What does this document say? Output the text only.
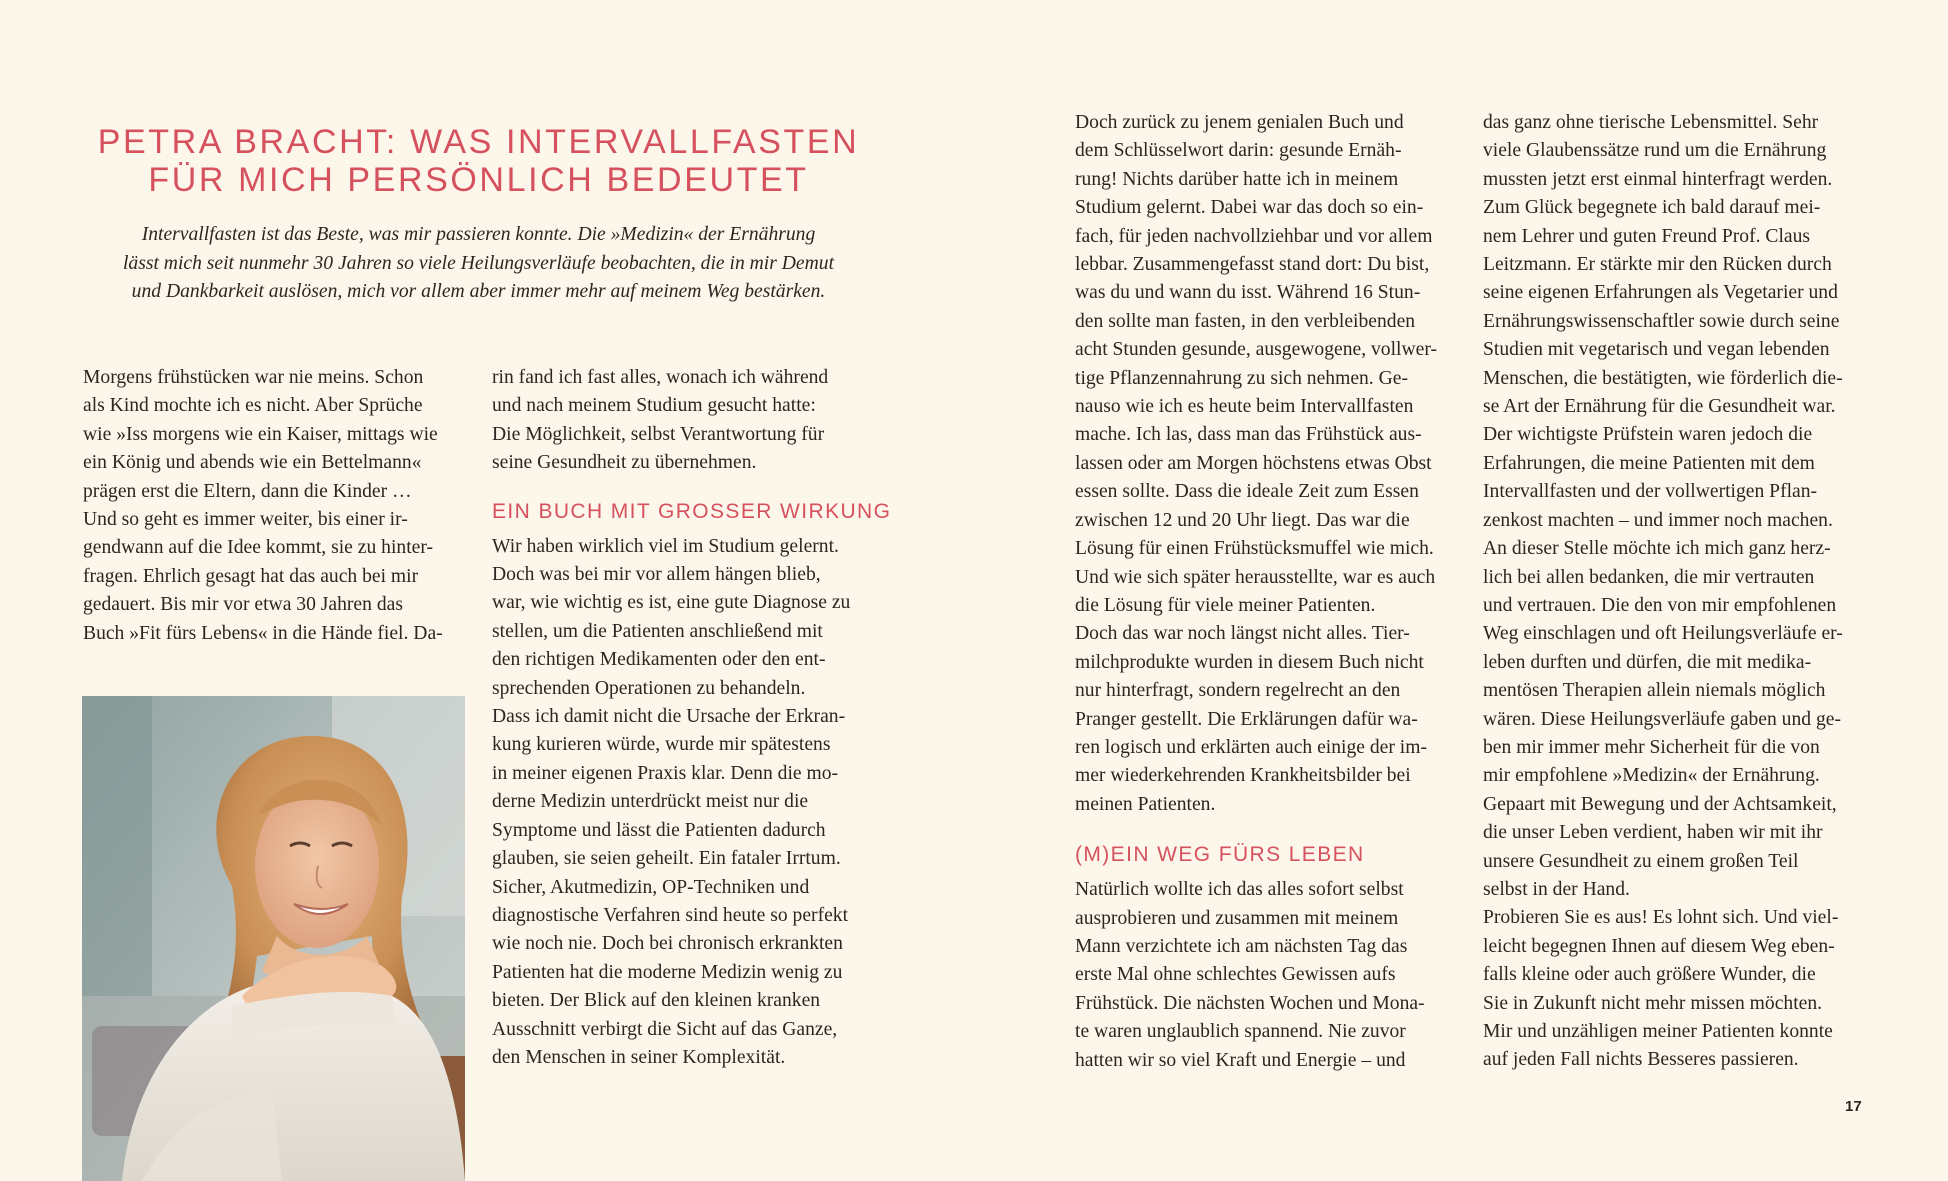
PETRA BRACHT: WAS INTERVALLFASTEN
FÜR MICH PERSÖNLICH BEDEUTET

Intervallfasten ist das Beste, was mir passieren konnte. Die »Medizin« der Ernährung
lässt mich seit nunmehr 30 Jahren so viele Heilungsverläufe beobachten, die in mir Demut
und Dankbarkeit auslösen, mich vor allem aber immer mehr auf meinem Weg bestärken.

Morgens frühstücken war nie meins. Schon
als Kind mochte ich es nicht. Aber Sprüche
wie »Iss morgens wie ein Kaiser, mittags wie
ein König und abends wie ein Bettelmann«
prägen erst die Eltern, dann die Kinder …
Und so geht es immer weiter, bis einer ir-
gendwann auf die Idee kommt, sie zu hinter-
fragen. Ehrlich gesagt hat das auch bei mir
gedauert. Bis mir vor etwa 30 Jahren das
Buch »Fit fürs Lebens« in die Hände fiel. Da-

rin fand ich fast alles, wonach ich während
und nach meinem Studium gesucht hatte:
Die Möglichkeit, selbst Verantwortung für
seine Gesundheit zu übernehmen.

EIN BUCH MIT GROSSER WIRKUNG

Wir haben wirklich viel im Studium gelernt.
Doch was bei mir vor allem hängen blieb,
war, wie wichtig es ist, eine gute Diagnose zu
stellen, um die Patienten anschließend mit
den richtigen Medikamenten oder den ent-
sprechenden Operationen zu behandeln.
Dass ich damit nicht die Ursache der Erkran-
kung kurieren würde, wurde mir spätestens
in meiner eigenen Praxis klar. Denn die mo-
derne Medizin unterdrückt meist nur die
Symptome und lässt die Patienten dadurch
glauben, sie seien geheilt. Ein fataler Irrtum.
Sicher, Akutmedizin, OP-Techniken und
diagnostische Verfahren sind heute so perfekt
wie noch nie. Doch bei chronisch erkrankten
Patienten hat die moderne Medizin wenig zu
bieten. Der Blick auf den kleinen kranken
Ausschnitt verbirgt die Sicht auf das Ganze,
den Menschen in seiner Komplexität.

Doch zurück zu jenem genialen Buch und
dem Schlüsselwort darin: gesunde Ernäh-
rung! Nichts darüber hatte ich in meinem
Studium gelernt. Dabei war das doch so ein-
fach, für jeden nachvollziehbar und vor allem
lebbar. Zusammengefasst stand dort: Du bist,
was du und wann du isst. Während 16 Stun-
den sollte man fasten, in den verbleibenden
acht Stunden gesunde, ausgewogene, vollwer-
tige Pflanzennahrung zu sich nehmen. Ge-
nauso wie ich es heute beim Intervallfasten
mache. Ich las, dass man das Frühstück aus-
lassen oder am Morgen höchstens etwas Obst
essen sollte. Dass die ideale Zeit zum Essen
zwischen 12 und 20 Uhr liegt. Das war die
Lösung für einen Frühstücksmuffel wie mich.
Und wie sich später herausstellte, war es auch
die Lösung für viele meiner Patienten.
Doch das war noch längst nicht alles. Tier-
milchprodukte wurden in diesem Buch nicht
nur hinterfragt, sondern regelrecht an den
Pranger gestellt. Die Erklärungen dafür wa-
ren logisch und erklärten auch einige der im-
mer wiederkehrenden Krankheitsbilder bei
meinen Patienten.

(M)EIN WEG FÜRS LEBEN

Natürlich wollte ich das alles sofort selbst
ausprobieren und zusammen mit meinem
Mann verzichtete ich am nächsten Tag das
erste Mal ohne schlechtes Gewissen aufs
Frühstück. Die nächsten Wochen und Mona-
te waren unglaublich spannend. Nie zuvor
hatten wir so viel Kraft und Energie – und

das ganz ohne tierische Lebensmittel. Sehr
viele Glaubenssätze rund um die Ernährung
mussten jetzt erst einmal hinterfragt werden.
Zum Glück begegnete ich bald darauf mei-
nem Lehrer und guten Freund Prof. Claus
Leitzmann. Er stärkte mir den Rücken durch
seine eigenen Erfahrungen als Vegetarier und
Ernährungswissenschaftler sowie durch seine
Studien mit vegetarisch und vegan lebenden
Menschen, die bestätigten, wie förderlich die-
se Art der Ernährung für die Gesundheit war.
Der wichtigste Prüfstein waren jedoch die
Erfahrungen, die meine Patienten mit dem
Intervallfasten und der vollwertigen Pflan-
zenkost machten – und immer noch machen.
An dieser Stelle möchte ich mich ganz herz-
lich bei allen bedanken, die mir vertrauten
und vertrauen. Die den von mir empfohlenen
Weg einschlagen und oft Heilungsverläufe er-
leben durften und dürfen, die mit medika-
mentösen Therapien allein niemals möglich
wären. Diese Heilungsverläufe gaben und ge-
ben mir immer mehr Sicherheit für die von
mir empfohlene »Medizin« der Ernährung.
Gepaart mit Bewegung und der Achtsamkeit,
die unser Leben verdient, haben wir mit ihr
unsere Gesundheit zu einem großen Teil
selbst in der Hand.
Probieren Sie es aus! Es lohnt sich. Und viel-
leicht begegnen Ihnen auf diesem Weg eben-
falls kleine oder auch größere Wunder, die
Sie in Zukunft nicht mehr missen möchten.
Mir und unzähligen meiner Patienten konnte
auf jeden Fall nichts Besseres passieren.

17
